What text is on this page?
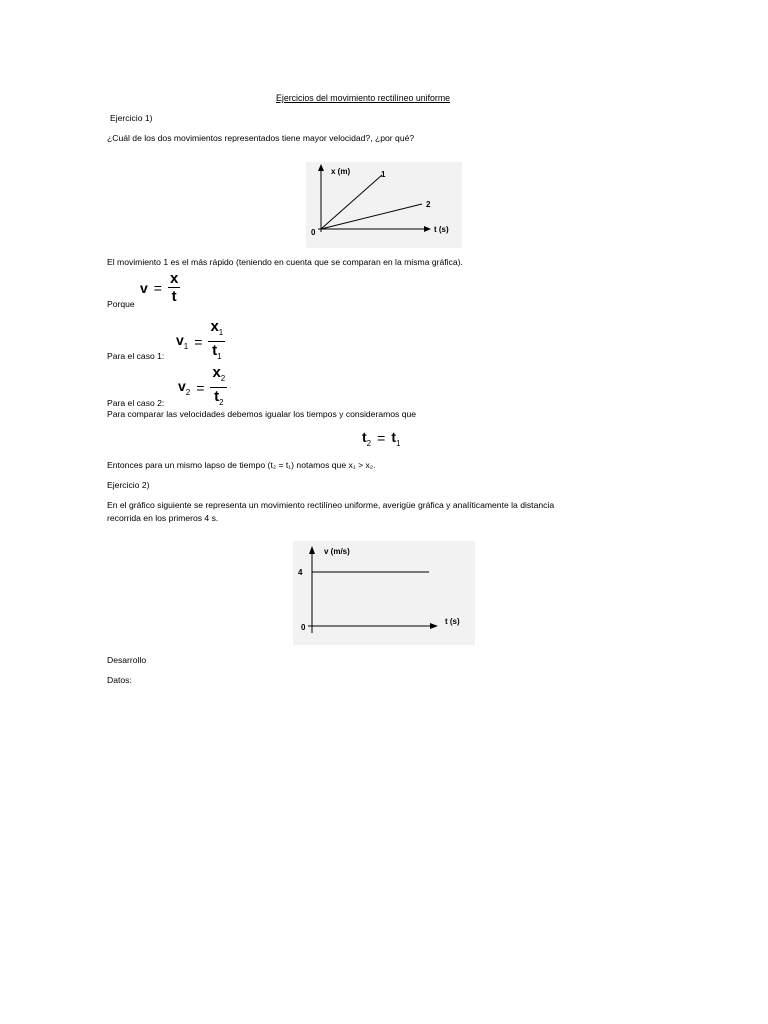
Ejercicios del movimiento rectilíneo uniforme
Ejercicio 1)
¿Cuál de los dos movimientos representados tiene mayor velocidad?, ¿por qué?
x (m)
t (s)
0
1
2
El movimiento 1 es el más rápido (teniendo en cuenta que se comparan en la misma gráfica).
$v = \frac{x}{t}$
Porque
$v_1 = \frac{x_1}{t_1}$
Para el caso 1:
$v_2 = \frac{x_2}{t_2}$
Para el caso 2:
Para comparar las velocidades debemos igualar los tiempos y consideramos que
$t_2 = t_1$
Entonces para un mismo lapso de tiempo (t₂ = t₁) notamos que x₁ > x₂.
Ejercicio 2)
En el gráfico siguiente se representa un movimiento rectilíneo uniforme, averigüe gráfica y analíticamente la distancia
recorrida en los primeros 4 s.
v (m/s)
t (s)
0
4
Desarrollo
Datos:
